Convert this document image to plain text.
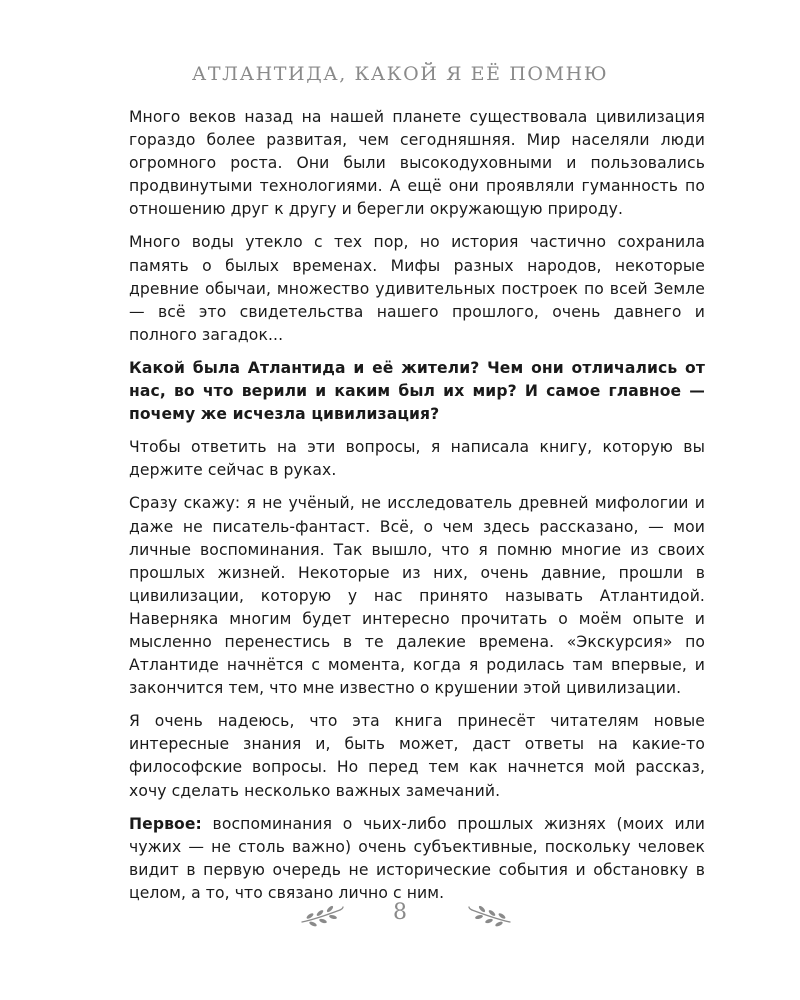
АТЛАНТИДА, КАКОЙ Я ЕЁ ПОМНЮ

Много веков назад на нашей планете существовала цивилизация гораздо более развитая, чем сегодняшняя. Мир населяли люди огромного роста. Они были высокодуховными и пользовались продвинутыми технологиями. А ещё они проявляли гуманность по отношению друг к другу и берегли окружающую природу.

Много воды утекло с тех пор, но история частично сохранила память о былых временах. Мифы разных народов, некоторые древние обычаи, множество удивительных построек по всей Земле — всё это свидетельства нашего прошлого, очень давнего и полного загадок...

Какой была Атлантида и её жители? Чем они отличались от нас, во что верили и каким был их мир? И самое главное — почему же исчезла цивилизация?

Чтобы ответить на эти вопросы, я написала книгу, которую вы держите сейчас в руках.

Сразу скажу: я не учёный, не исследователь древней мифологии и даже не писатель-фантаст. Всё, о чем здесь рассказано, — мои личные воспоминания. Так вышло, что я помню многие из своих прошлых жизней. Некоторые из них, очень давние, прошли в цивилизации, которую у нас принято называть Атлантидой. Наверняка многим будет интересно прочитать о моём опыте и мысленно перенестись в те далекие времена. «Экскурсия» по Атлантиде начнётся с момента, когда я родилась там впервые, и закончится тем, что мне известно о крушении этой цивилизации.

Я очень надеюсь, что эта книга принесёт читателям новые интересные знания и, быть может, даст ответы на какие-то философские вопросы. Но перед тем как начнется мой рассказ, хочу сделать несколько важных замечаний.

Первое: воспоминания о чьих-либо прошлых жизнях (моих или чужих — не столь важно) очень субъективные, поскольку человек видит в первую очередь не исторические события и обстановку в целом, а то, что связано лично с ним.

8
